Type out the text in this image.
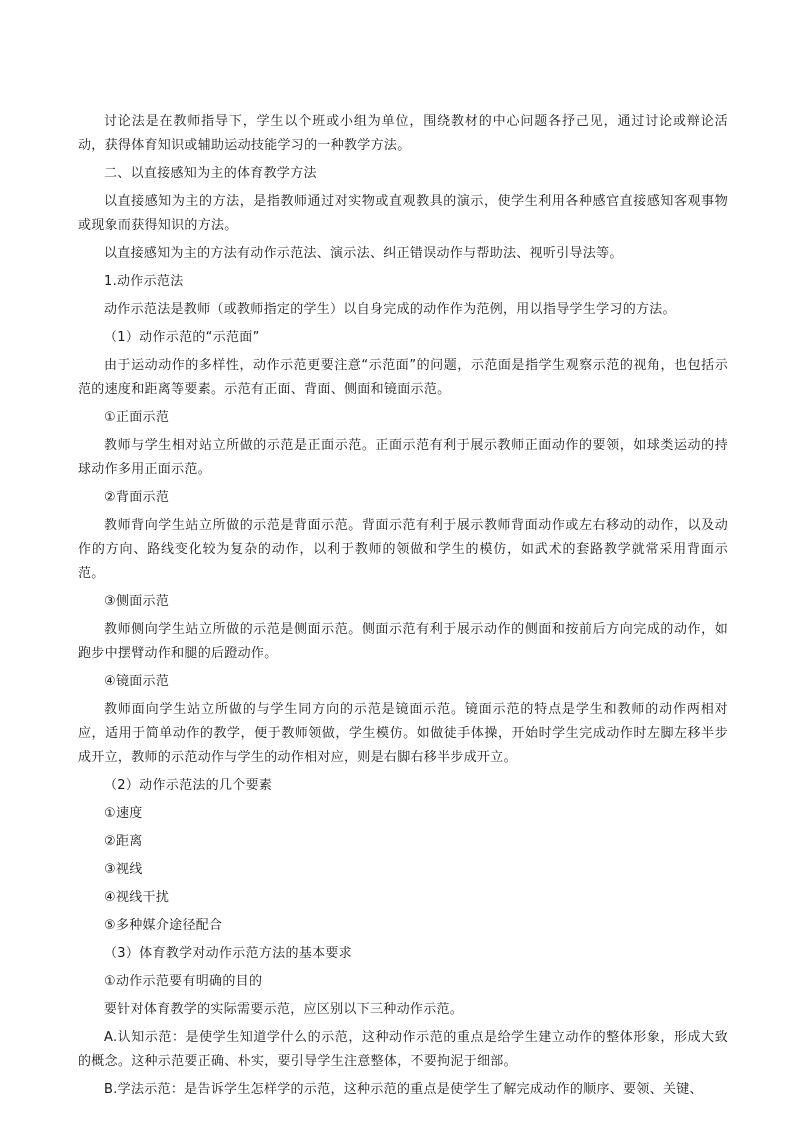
讨论法是在教师指导下，学生以个班或小组为单位，围绕教材的中心问题各抒己见，通过讨论或辩论活动，获得体育知识或辅助运动技能学习的一种教学方法。

二、以直接感知为主的体育教学方法

以直接感知为主的方法，是指教师通过对实物或直观教具的演示，使学生利用各种感官直接感知客观事物或现象而获得知识的方法。

以直接感知为主的方法有动作示范法、演示法、纠正错误动作与帮助法、视听引导法等。

1.动作示范法

动作示范法是教师（或教师指定的学生）以自身完成的动作作为范例，用以指导学生学习的方法。

（1）动作示范的“示范面”

由于运动动作的多样性，动作示范更要注意“示范面”的问题，示范面是指学生观察示范的视角，也包括示范的速度和距离等要素。示范有正面、背面、侧面和镜面示范。

①正面示范

教师与学生相对站立所做的示范是正面示范。正面示范有利于展示教师正面动作的要领，如球类运动的持球动作多用正面示范。

②背面示范

教师背向学生站立所做的示范是背面示范。背面示范有利于展示教师背面动作或左右移动的动作，以及动作的方向、路线变化较为复杂的动作，以利于教师的领做和学生的模仿，如武术的套路教学就常采用背面示范。

③侧面示范

教师侧向学生站立所做的示范是侧面示范。侧面示范有利于展示动作的侧面和按前后方向完成的动作，如跑步中摆臂动作和腿的后蹬动作。

④镜面示范

教师面向学生站立所做的与学生同方向的示范是镜面示范。镜面示范的特点是学生和教师的动作两相对应，适用于简单动作的教学，便于教师领做，学生模仿。如做徒手体操，开始时学生完成动作时左脚左移半步成开立，教师的示范动作与学生的动作相对应，则是右脚右移半步成开立。

（2）动作示范法的几个要素

①速度

②距离

③视线

④视线干扰

⑤多种媒介途径配合

（3）体育教学对动作示范方法的基本要求

①动作示范要有明确的目的

要针对体育教学的实际需要示范，应区别以下三种动作示范。

A.认知示范：是使学生知道学什么的示范，这种动作示范的重点是给学生建立动作的整体形象，形成大致的概念。这种示范要正确、朴实，要引导学生注意整体，不要拘泥于细部。

B.学法示范：是告诉学生怎样学的示范，这种示范的重点是使学生了解完成动作的顺序、要领、关键、
